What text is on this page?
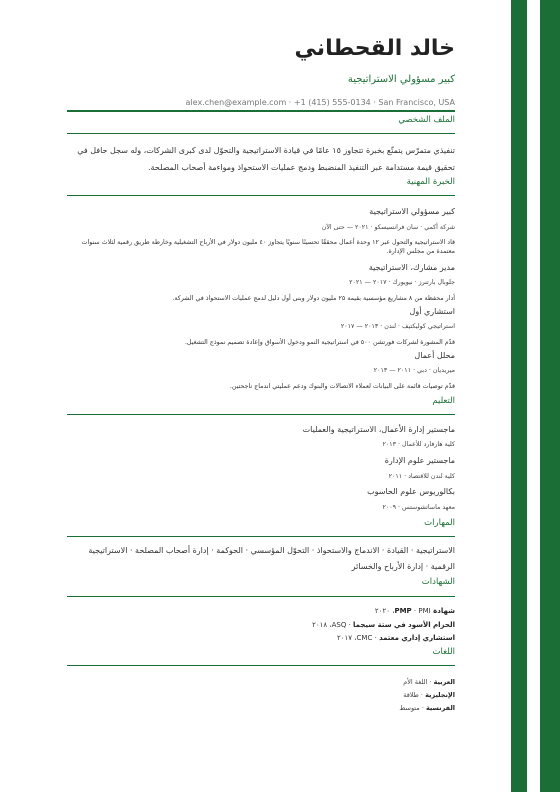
خالد القحطاني
كبير مسؤولي الاستراتيجية
alex.chen@example.com · +1 (415) 555-0134 · San Francisco, USA
الملف الشخصي
تنفيذي متمرّس يتمتّع بخبرة تتجاوز ١٥ عامًا في قيادة الاستراتيجية والتحوّل لدى كبرى الشركات، وله سجل حافل في تحقيق قيمة مستدامة عبر التنفيذ المنضبط ودمج عمليات الاستحواذ ومواءمة أصحاب المصلحة.
الخبرة المهنية
كبير مسؤولي الاستراتيجية
شركة أكمي · سان فرانسيسكو · ٢٠٢١ — حتى الآن
قاد الاستراتيجية والتحول عبر ١٢ وحدة أعمال محققًا تحسينًا سنويًا يتجاوز ٤٠ مليون دولار في الأرباح التشغيلية وخارطة طريق رقمية لثلاث سنوات معتمدة من مجلس الإدارة.
مدير مشارك، الاستراتيجية
جلوبال بارتنرز · نيويورك · ٢٠١٧ — ٢٠٢١
أدار محفظة من ٨ مشاريع مؤسسية بقيمة ٢٥ مليون دولار وبنى أول دليل لدمج عمليات الاستحواذ في الشركة.
استشاري أول
استراتيجي كوليكتيف · لندن · ٢٠١٣ — ٢٠١٧
قدّم المشورة لشركات فورتشن ٥٠٠ في استراتيجية النمو ودخول الأسواق وإعادة تصميم نموذج التشغيل.
محلل أعمال
ميريديان · دبي · ٢٠١١ — ٢٠١٣
قدّم توصيات قائمة على البيانات لعملاء الاتصالات والبنوك ودعم عمليتي اندماج ناجحتين.
التعليم
ماجستير إدارة الأعمال، الاستراتيجية والعمليات
كلية هارفارد للأعمال · ٢٠١٣
ماجستير علوم الإدارة
كلية لندن للاقتصاد · ٢٠١١
بكالوريوس علوم الحاسوب
معهد ماساتشوستس · ٢٠٠٩
المهارات
الاستراتيجية · القيادة · الاندماج والاستحواذ · التحوّل المؤسسي · الحوكمة · إدارة أصحاب المصلحة · الاستراتيجية الرقمية · إدارة الأرباح والخسائر
الشهادات
شهادة PMP · PMI، ٢٠٢٠
الحزام الأسود في ستة سيجما · ASQ، ٢٠١٨
استشاري إداري معتمد · CMC، ٢٠١٧
اللغات
العربية · اللغة الأم
الإنجليزية · طلاقة
الفرنسية · متوسط
